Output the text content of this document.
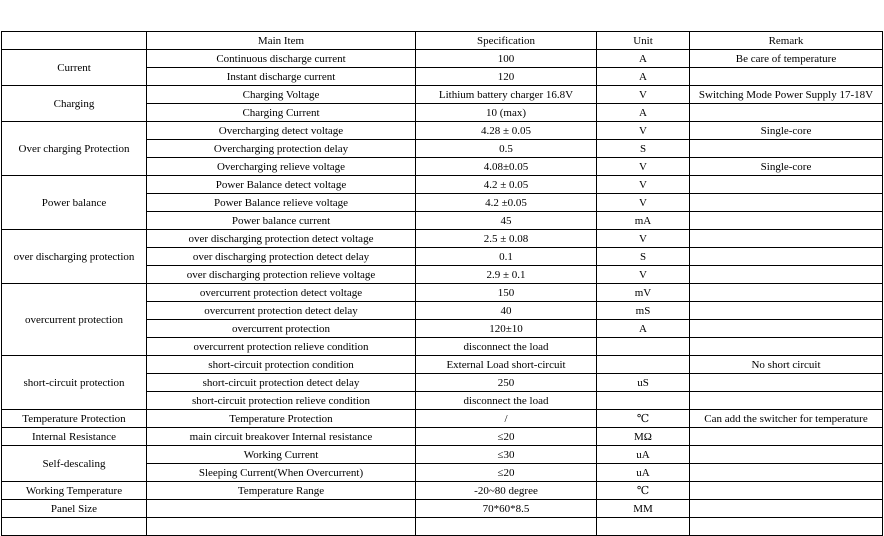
	Main Item	Specification	Unit	Remark
Current	Continuous discharge current	100	A	Be care of temperature
	Instant discharge current	120	A	
Charging	Charging Voltage	Lithium battery charger 16.8V	V	Switching Mode Power Supply 17-18V
	Charging Current	10 (max)	A	
Over charging Protection	Overcharging detect voltage	4.28 ± 0.05	V	Single-core
	Overcharging protection delay	0.5	S	
	Overcharging relieve voltage	4.08±0.05	V	Single-core
Power balance	Power Balance detect voltage	4.2 ± 0.05	V	
	Power Balance relieve voltage	4.2 ±0.05	V	
	Power balance current	45	mA	
over discharging protection	over discharging protection detect voltage	2.5 ± 0.08	V	
	over discharging protection detect delay	0.1	S	
	over discharging protection relieve voltage	2.9 ± 0.1	V	
overcurrent protection	overcurrent protection detect voltage	150	mV	
	overcurrent protection detect delay	40	mS	
	overcurrent protection	120±10	A	
	overcurrent protection relieve condition	disconnect the load		
short-circuit protection	short-circuit protection condition	External Load short-circuit		No short circuit
	short-circuit protection detect delay	250	uS	
	short-circuit protection relieve condition	disconnect the load		
Temperature Protection	Temperature Protection	/	℃	Can add the switcher for temperature
Internal Resistance	main circuit breakover Internal resistance	≤20	MΩ	
Self-descaling	Working Current	≤30	uA	
	Sleeping Current(When Overcurrent)	≤20	uA	
Working Temperature	Temperature Range	-20~80 degree	℃	
Panel Size		70*60*8.5	MM	
